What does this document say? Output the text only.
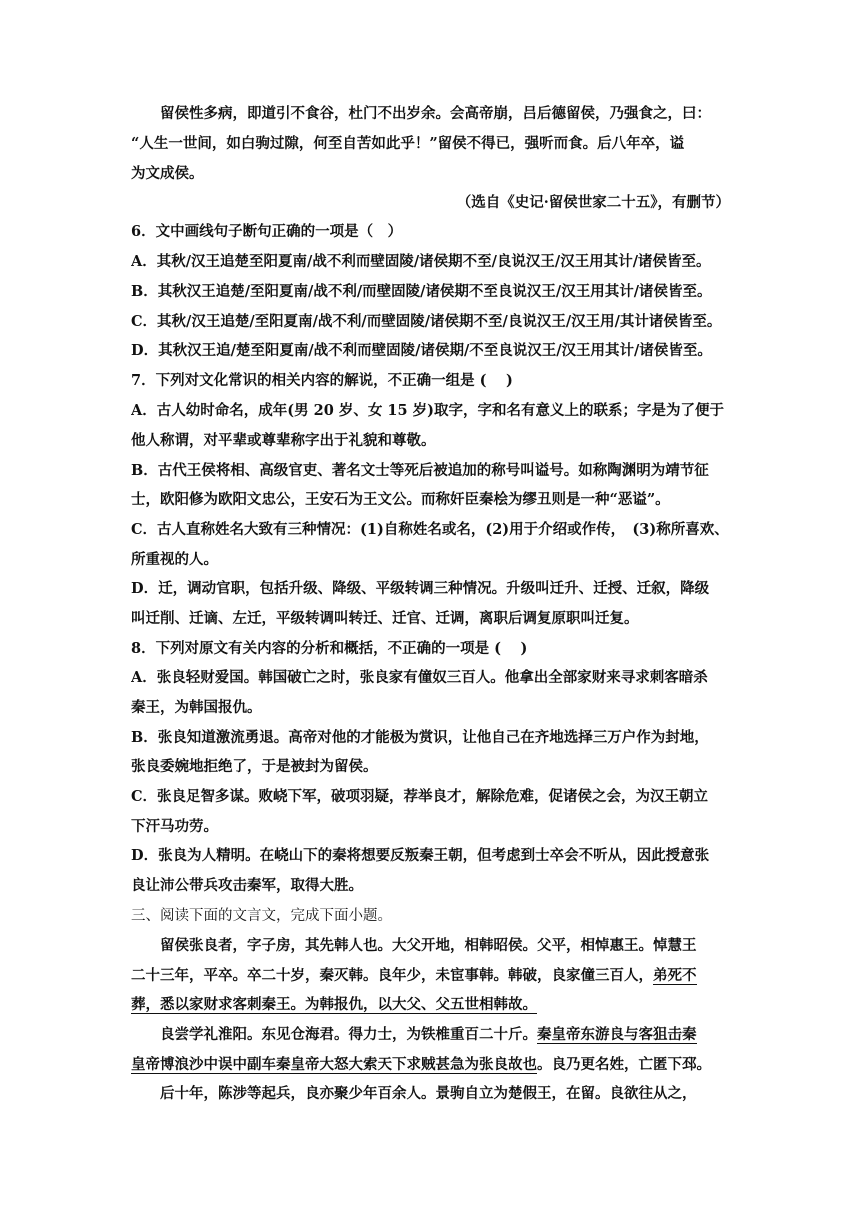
留侯性多病，即道引不食谷，杜门不出岁余。会高帝崩，吕后德留侯，乃强食之，曰：
“人生一世间，如白驹过隙，何至自苦如此乎！”留侯不得已，强听而食。后八年卒，谥
为文成侯。
（选自《史记·留侯世家二十五》，有删节）
6．文中画线句子断句正确的一项是（　）
A．其秋/汉王追楚至阳夏南/战不利而壁固陵/诸侯期不至/良说汉王/汉王用其计/诸侯皆至。
B．其秋汉王追楚/至阳夏南/战不利/而壁固陵/诸侯期不至良说汉王/汉王用其计/诸侯皆至。
C．其秋/汉王追楚/至阳夏南/战不利/而壁固陵/诸侯期不至/良说汉王/汉王用/其计诸侯皆至。
D．其秋汉王追/楚至阳夏南/战不利而壁固陵/诸侯期/不至良说汉王/汉王用其计/诸侯皆至。
7．下列对文化常识的相关内容的解说，不正确一组是 (　 )
A．古人幼时命名，成年(男 20 岁、女 15 岁)取字，字和名有意义上的联系；字是为了便于
他人称谓，对平辈或尊辈称字出于礼貌和尊敬。
B．古代王侯将相、高级官吏、著名文士等死后被追加的称号叫谥号。如称陶渊明为靖节征
士，欧阳修为欧阳文忠公，王安石为王文公。而称奸臣秦桧为缪丑则是一种“恶谥”。
C．古人直称姓名大致有三种情况：(1)自称姓名或名，(2)用于介绍或作传，　(3)称所喜欢、
所重视的人。
D．迁，调动官职，包括升级、降级、平级转调三种情况。升级叫迁升、迁授、迁叙，降级
叫迁削、迁谪、左迁，平级转调叫转迁、迁官、迁调，离职后调复原职叫迁复。
8．下列对原文有关内容的分析和概括，不正确的一项是 (　 )
A．张良轻财爱国。韩国破亡之时，张良家有僮奴三百人。他拿出全部家财来寻求刺客暗杀
秦王，为韩国报仇。
B．张良知道激流勇退。高帝对他的才能极为赏识，让他自己在齐地选择三万户作为封地，
张良委婉地拒绝了，于是被封为留侯。
C．张良足智多谋。败峣下军，破项羽疑，荐举良才，解除危难，促诸侯之会，为汉王朝立
下汗马功劳。
D．张良为人精明。在峣山下的秦将想要反叛秦王朝，但考虑到士卒会不听从，因此授意张
良让沛公带兵攻击秦军，取得大胜。
三、阅读下面的文言文，完成下面小题。
留侯张良者，字子房，其先韩人也。大父开地，相韩昭侯。父平，相悼惠王。悼慧王
二十三年，平卒。卒二十岁，秦灭韩。良年少，未宦事韩。韩破，良家僮三百人，弟死不
葬，悉以家财求客刺秦王。为韩报仇，以大父、父五世相韩故。
良尝学礼淮阳。东见仓海君。得力士，为铁椎重百二十斤。秦皇帝东游良与客狙击秦
皇帝博浪沙中误中副车秦皇帝大怒大索天下求贼甚急为张良故也。良乃更名姓，亡匿下邳。
后十年，陈涉等起兵，良亦聚少年百余人。景驹自立为楚假王，在留。良欲往从之，
